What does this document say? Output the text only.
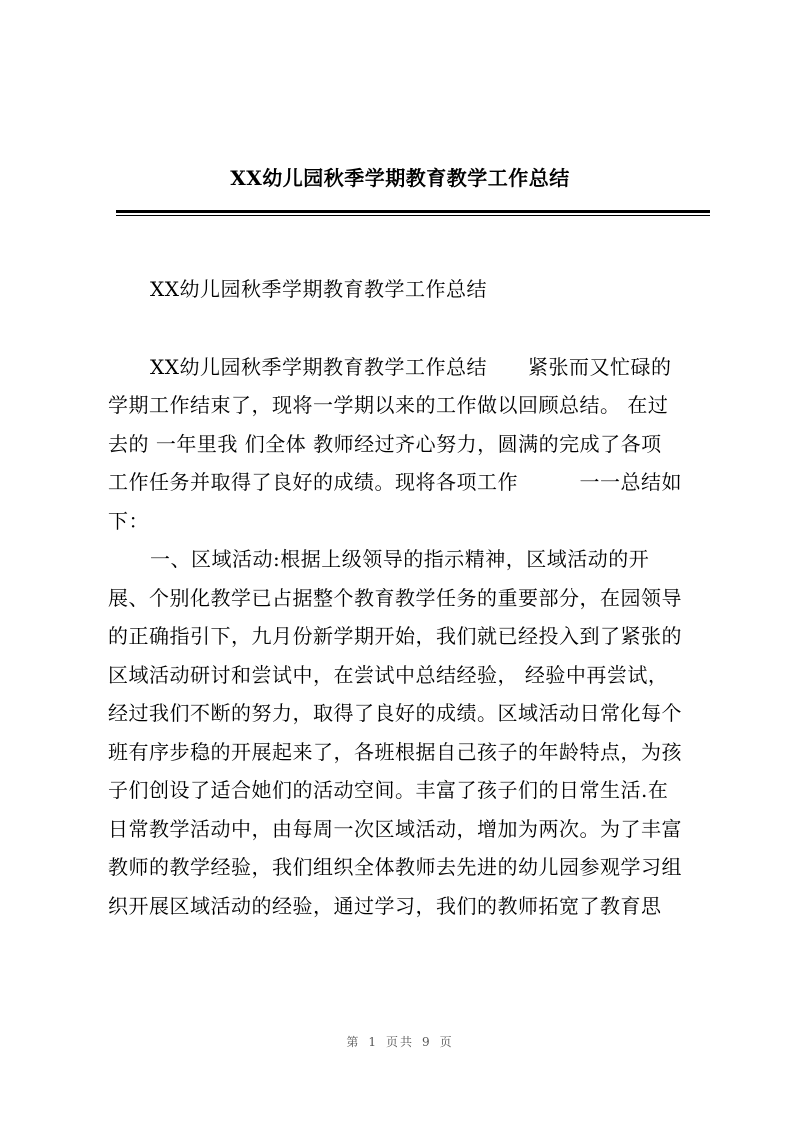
XX幼儿园秋季学期教育教学工作总结
XX幼儿园秋季学期教育教学工作总结
XX幼儿园秋季学期教育教学工作总结　　紧张而又忙碌的
学期工作结束了，现将一学期以来的工作做以回顾总结。 在过
去的 一年里我 们全体 教师经过齐心努力，圆满的完成了各项
工作任务并取得了良好的成绩。现将各项工作　　　一一总结如
下：
一、区域活动:根据上级领导的指示精神，区域活动的开
展、个别化教学已占据整个教育教学任务的重要部分，在园领导
的正确指引下，九月份新学期开始，我们就已经投入到了紧张的
区域活动研讨和尝试中，在尝试中总结经验， 经验中再尝试，
经过我们不断的努力，取得了良好的成绩。区域活动日常化每个
班有序步稳的开展起来了，各班根据自己孩子的年龄特点，为孩
子们创设了适合她们的活动空间。丰富了孩子们的日常生活.在
日常教学活动中，由每周一次区域活动，增加为两次。为了丰富
教师的教学经验，我们组织全体教师去先进的幼儿园参观学习组
织开展区域活动的经验，通过学习，我们的教师拓宽了教育思
第 1 页共 9 页
